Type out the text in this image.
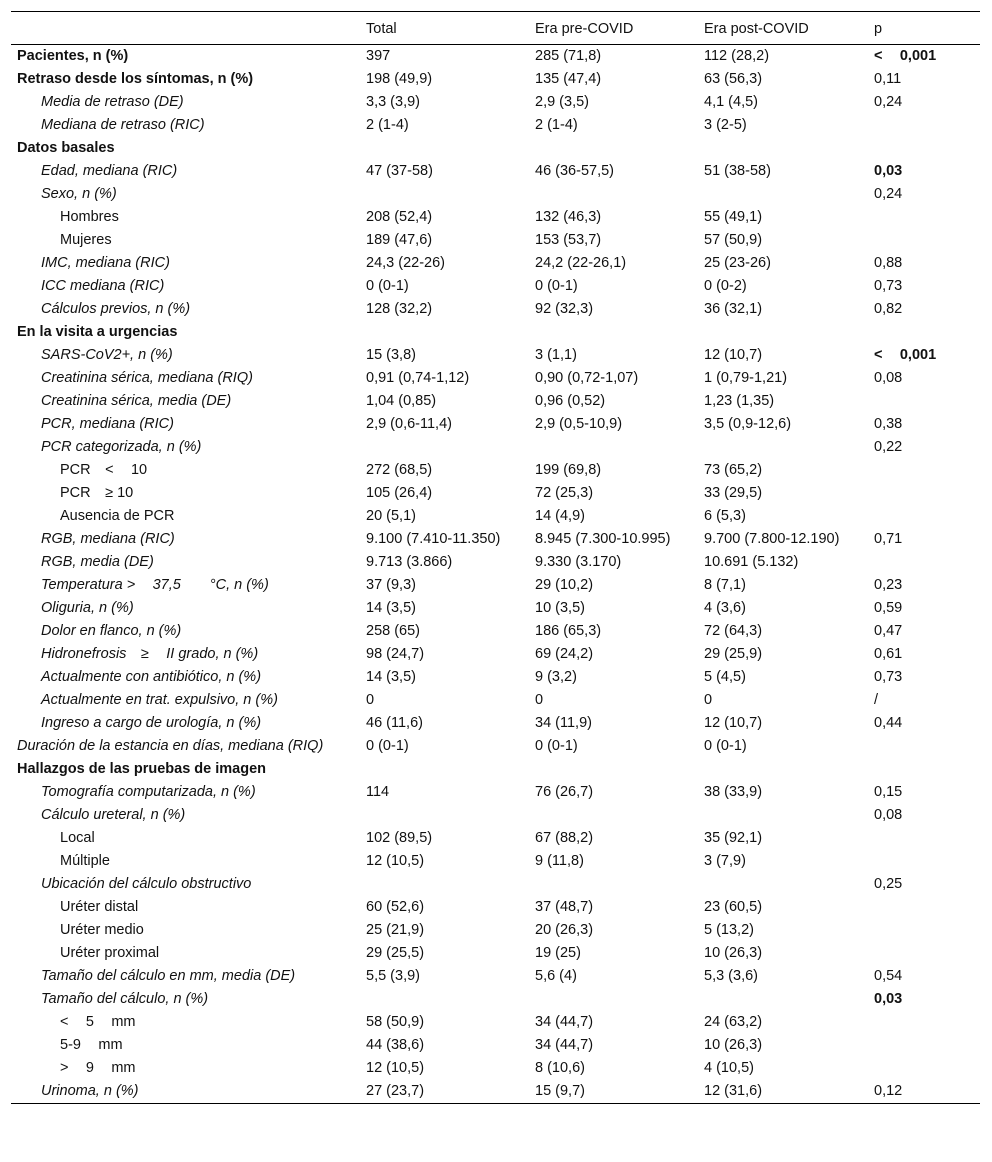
	Total	Era pre-COVID	Era post-COVID	p
Pacientes, n (%)	397	285 (71,8)	112 (28,2)	<  0,001
Retraso desde los síntomas, n (%)	198 (49,9)	135 (47,4)	63 (56,3)	0,11
Media de retraso (DE)	3,3 (3,9)	2,9 (3,5)	4,1 (4,5)	0,24
Mediana de retraso (RIC)	2 (1-4)	2 (1-4)	3 (2-5)	
Datos basales				
Edad, mediana (RIC)	47 (37-58)	46 (36-57,5)	51 (38-58)	0,03
Sexo, n (%)				0,24
Hombres	208 (52,4)	132 (46,3)	55 (49,1)	
Mujeres	189 (47,6)	153 (53,7)	57 (50,9)	
IMC, mediana (RIC)	24,3 (22-26)	24,2 (22-26,1)	25 (23-26)	0,88
ICC mediana (RIC)	0 (0-1)	0 (0-1)	0 (0-2)	0,73
Cálculos previos, n (%)	128 (32,2)	92 (32,3)	36 (32,1)	0,82
En la visita a urgencias				
SARS-CoV2+, n (%)	15 (3,8)	3 (1,1)	12 (10,7)	<  0,001
Creatinina sérica, mediana (RIQ)	0,91 (0,74-1,12)	0,90 (0,72-1,07)	1 (0,79-1,21)	0,08
Creatinina sérica, media (DE)	1,04 (0,85)	0,96 (0,52)	1,23 (1,35)	
PCR, mediana (RIC)	2,9 (0,6-11,4)	2,9 (0,5-10,9)	3,5 (0,9-12,6)	0,38
PCR categorizada, n (%)				0,22
PCR <  10	272 (68,5)	199 (69,8)	73 (65,2)	
PCR ≥ 10	105 (26,4)	72 (25,3)	33 (29,5)	
Ausencia de PCR	20 (5,1)	14 (4,9)	6 (5,3)	
RGB, mediana (RIC)	9.100 (7.410-11.350)	8.945 (7.300-10.995)	9.700 (7.800-12.190)	0,71
RGB, media (DE)	9.713 (3.866)	9.330 (3.170)	10.691 (5.132)	
Temperatura >  37,5  °C, n (%)	37 (9,3)	29 (10,2)	8 (7,1)	0,23
Oliguria, n (%)	14 (3,5)	10 (3,5)	4 (3,6)	0,59
Dolor en flanco, n (%)	258 (65)	186 (65,3)	72 (64,3)	0,47
Hidronefrosis ≥  II grado, n (%)	98 (24,7)	69 (24,2)	29 (25,9)	0,61
Actualmente con antibiótico, n (%)	14 (3,5)	9 (3,2)	5 (4,5)	0,73
Actualmente en trat. expulsivo, n (%)	0	0	0	/
Ingreso a cargo de urología, n (%)	46 (11,6)	34 (11,9)	12 (10,7)	0,44
Duración de la estancia en días, mediana (RIQ)	0 (0-1)	0 (0-1)	0 (0-1)	
Hallazgos de las pruebas de imagen				
Tomografía computarizada, n (%)	114	76 (26,7)	38 (33,9)	0,15
Cálculo ureteral, n (%)				0,08
Local	102 (89,5)	67 (88,2)	35 (92,1)	
Múltiple	12 (10,5)	9 (11,8)	3 (7,9)	
Ubicación del cálculo obstructivo				0,25
Uréter distal	60 (52,6)	37 (48,7)	23 (60,5)	
Uréter medio	25 (21,9)	20 (26,3)	5 (13,2)	
Uréter proximal	29 (25,5)	19 (25)	10 (26,3)	
Tamaño del cálculo en mm, media (DE)	5,5 (3,9)	5,6 (4)	5,3 (3,6)	0,54
Tamaño del cálculo, n (%)				0,03
<  5  mm	58 (50,9)	34 (44,7)	24 (63,2)	
5-9  mm	44 (38,6)	34 (44,7)	10 (26,3)	
>  9  mm	12 (10,5)	8 (10,6)	4 (10,5)	
Urinoma, n (%)	27 (23,7)	15 (9,7)	12 (31,6)	0,12
